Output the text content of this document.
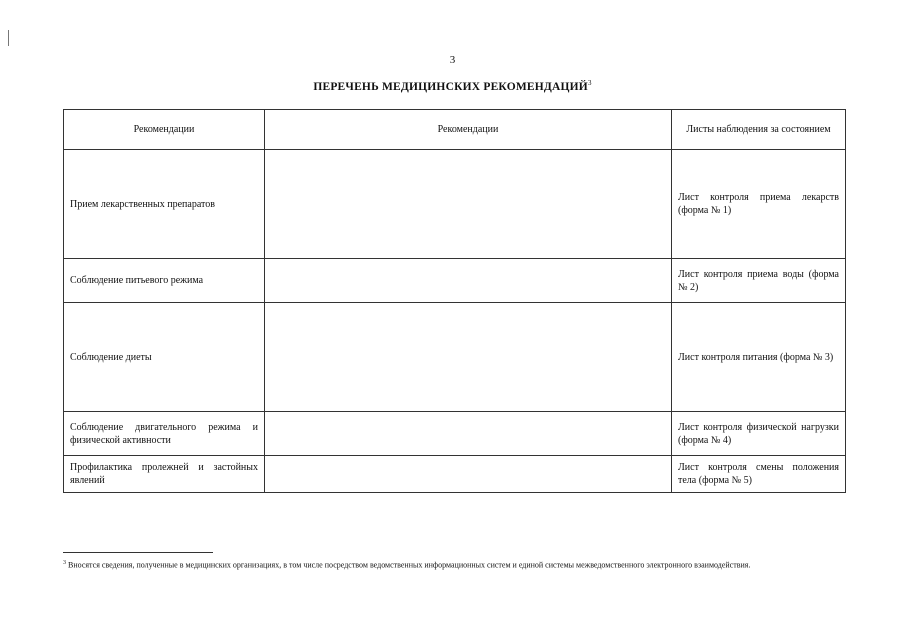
3
ПЕРЕЧЕНЬ МЕДИЦИНСКИХ РЕКОМЕНДАЦИЙ$^3$
Рекомендации	Рекомендации	Листы наблюдения за состоянием
Прием лекарственных препаратов		Лист контроля приема лекарств (форма № 1)
Соблюдение питьевого режима		Лист контроля приема воды (форма № 2)
Соблюдение диеты		Лист контроля питания (форма № 3)
Соблюдение двигательного режима и физической активности		Лист контроля физической нагрузки (форма № 4)
Профилактика пролежней и застойных явлений		Лист контроля смены положения тела (форма № 5)
$^3$ Вносятся сведения, полученные в медицинских организациях, в том числе посредством ведомственных информационных систем и единой системы межведомственного электронного взаимодействия.
